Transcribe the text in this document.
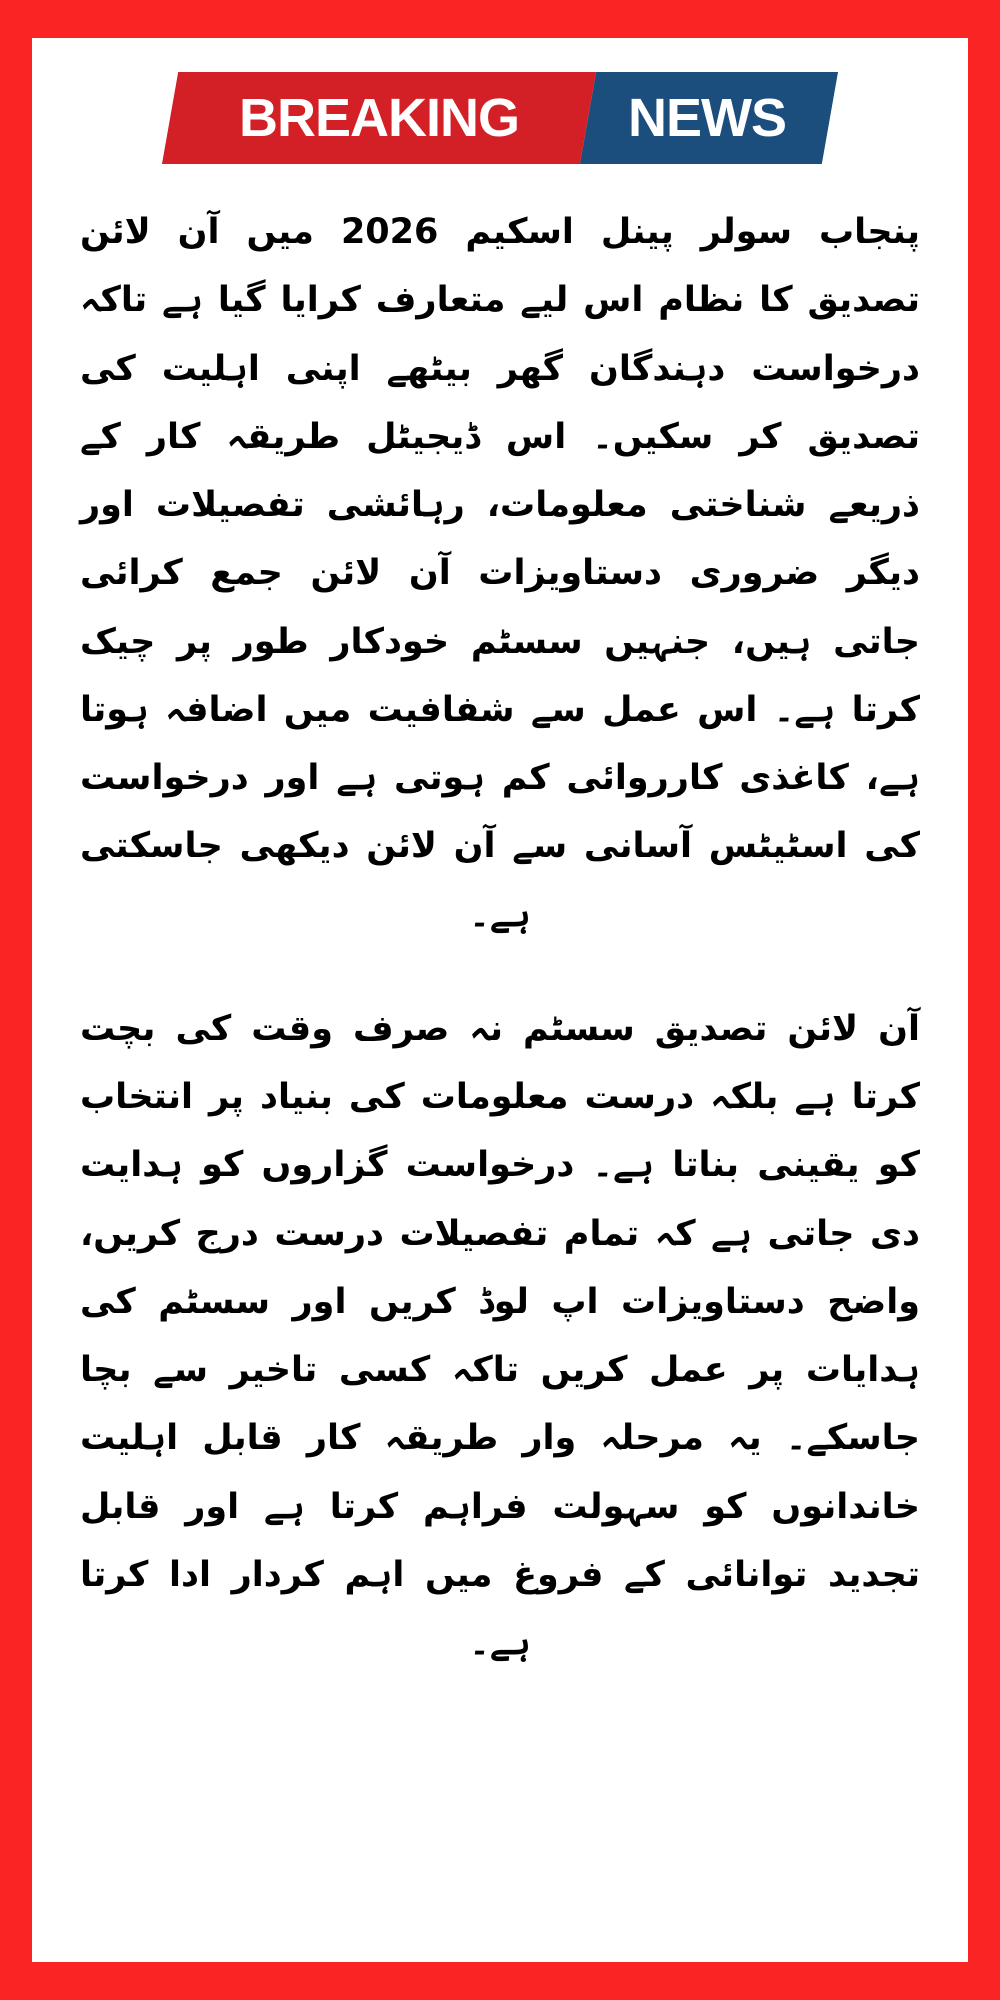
BREAKING NEWS

پنجاب سولر پینل اسکیم 2026 میں آن لائن تصدیق کا نظام اس لیے متعارف کرایا گیا ہے تاکہ درخواست دہندگان گھر بیٹھے اپنی اہلیت کی تصدیق کر سکیں۔ اس ڈیجیٹل طریقہ کار کے ذریعے شناختی معلومات، رہائشی تفصیلات اور دیگر ضروری دستاویزات آن لائن جمع کرائی جاتی ہیں، جنہیں سسٹم خودکار طور پر چیک کرتا ہے۔ اس عمل سے شفافیت میں اضافہ ہوتا ہے، کاغذی کارروائی کم ہوتی ہے اور درخواست کی اسٹیٹس آسانی سے آن لائن دیکھی جاسکتی ہے۔

آن لائن تصدیق سسٹم نہ صرف وقت کی بچت کرتا ہے بلکہ درست معلومات کی بنیاد پر انتخاب کو یقینی بناتا ہے۔ درخواست گزاروں کو ہدایت دی جاتی ہے کہ تمام تفصیلات درست درج کریں، واضح دستاویزات اپ لوڈ کریں اور سسٹم کی ہدایات پر عمل کریں تاکہ کسی تاخیر سے بچا جاسکے۔ یہ مرحلہ وار طریقہ کار قابل اہلیت خاندانوں کو سہولت فراہم کرتا ہے اور قابل تجدید توانائی کے فروغ میں اہم کردار ادا کرتا ہے۔
